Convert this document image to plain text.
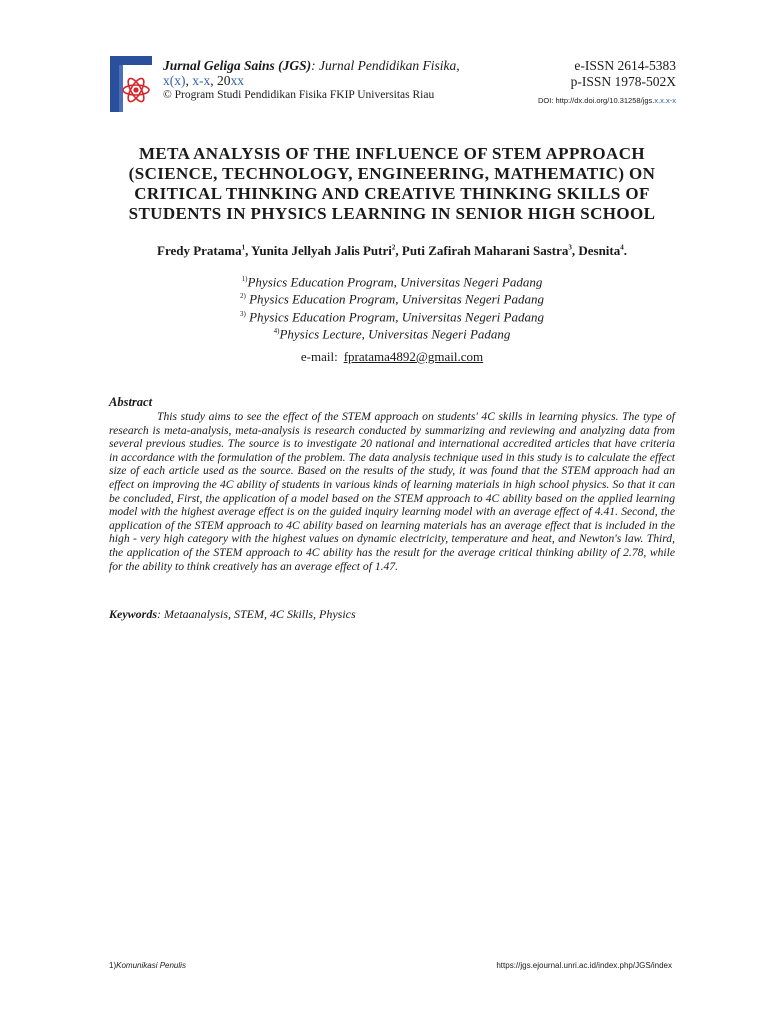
Jurnal Geliga Sains (JGS): Jurnal Pendidikan Fisika,
x(x), x-x, 20xx
© Program Studi Pendidikan Fisika FKIP Universitas Riau
e-ISSN 2614-5383
p-ISSN 1978-502X
DOI: http://dx.doi.org/10.31258/jgs.x.x.x-x
META ANALYSIS OF THE INFLUENCE OF STEM APPROACH (SCIENCE, TECHNOLOGY, ENGINEERING, MATHEMATIC) ON CRITICAL THINKING AND CREATIVE THINKING SKILLS OF STUDENTS IN PHYSICS LEARNING IN SENIOR HIGH SCHOOL
Fredy Pratama$^1$, Yunita Jellyah Jalis Putri$^2$, Puti Zafirah Maharani Sastra$^3$, Desnita$^4$.
$^{1)}$Physics Education Program, Universitas Negeri Padang
$^{2)}$ Physics Education Program, Universitas Negeri Padang
$^{3)}$ Physics Education Program, Universitas Negeri Padang
$^{4)}$Physics Lecture, Universitas Negeri Padang
e-mail: fpratama4892@gmail.com
Abstract

This study aims to see the effect of the STEM approach on students' 4C skills in learning physics. The type of research is meta-analysis, meta-analysis is research conducted by summarizing and reviewing and analyzing data from several previous studies. The source is to investigate 20 national and international accredited articles that have criteria in accordance with the formulation of the problem. The data analysis technique used in this study is to calculate the effect size of each article used as the source. Based on the results of the study, it was found that the STEM approach had an effect on improving the 4C ability of students in various kinds of learning materials in high school physics. So that it can be concluded, First, the application of a model based on the STEM approach to 4C ability based on the applied learning model with the highest average effect is on the guided inquiry learning model with an average effect of 4.41. Second, the application of the STEM approach to 4C ability based on learning materials has an average effect that is included in the high - very high category with the highest values on dynamic electricity, temperature and heat, and Newton's law. Third, the application of the STEM approach to 4C ability has the result for the average critical thinking ability of 2.78, while for the ability to think creatively has an average effect of 1.47.

Keywords: Metaanalysis, STEM, 4C Skills, Physics
1)Komunikasi Penulis	https://jgs.ejournal.unri.ac.id/index.php/JGS/index
